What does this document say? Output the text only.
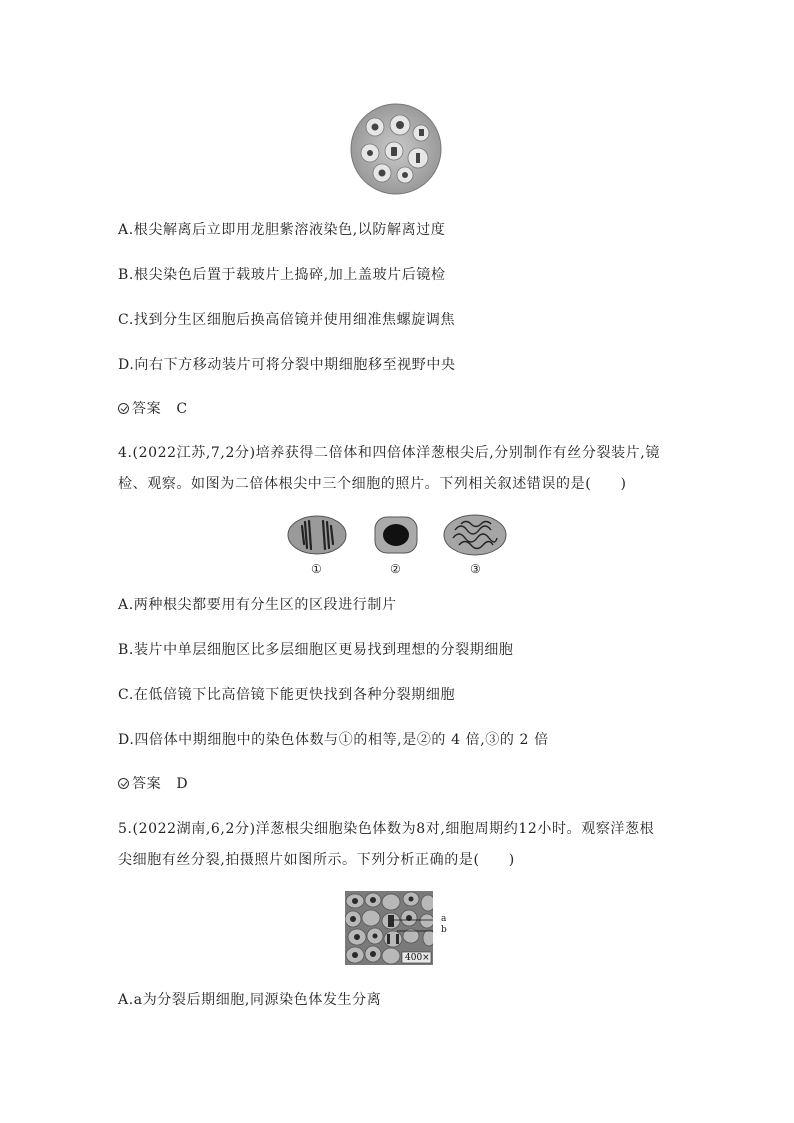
A.根尖解离后立即用龙胆紫溶液染色,以防解离过度
B.根尖染色后置于载玻片上捣碎,加上盖玻片后镜检
C.找到分生区细胞后换高倍镜并使用细准焦螺旋调焦
D.向右下方移动装片可将分裂中期细胞移至视野中央
答案 C
4.(2022江苏,7,2分)培养获得二倍体和四倍体洋葱根尖后,分别制作有丝分裂装片,镜
检、观察。如图为二倍体根尖中三个细胞的照片。下列相关叙述错误的是(　　)
①	②	③
A.两种根尖都要用有分生区的区段进行制片
B.装片中单层细胞区比多层细胞区更易找到理想的分裂期细胞
C.在低倍镜下比高倍镜下能更快找到各种分裂期细胞
D.四倍体中期细胞中的染色体数与①的相等,是②的 4 倍,③的 2 倍
答案 D
5.(2022湖南,6,2分)洋葱根尖细胞染色体数为8对,细胞周期约12小时。观察洋葱根
尖细胞有丝分裂,拍摄照片如图所示。下列分析正确的是(　　)
a
b
400×
A.a为分裂后期细胞,同源染色体发生分离
